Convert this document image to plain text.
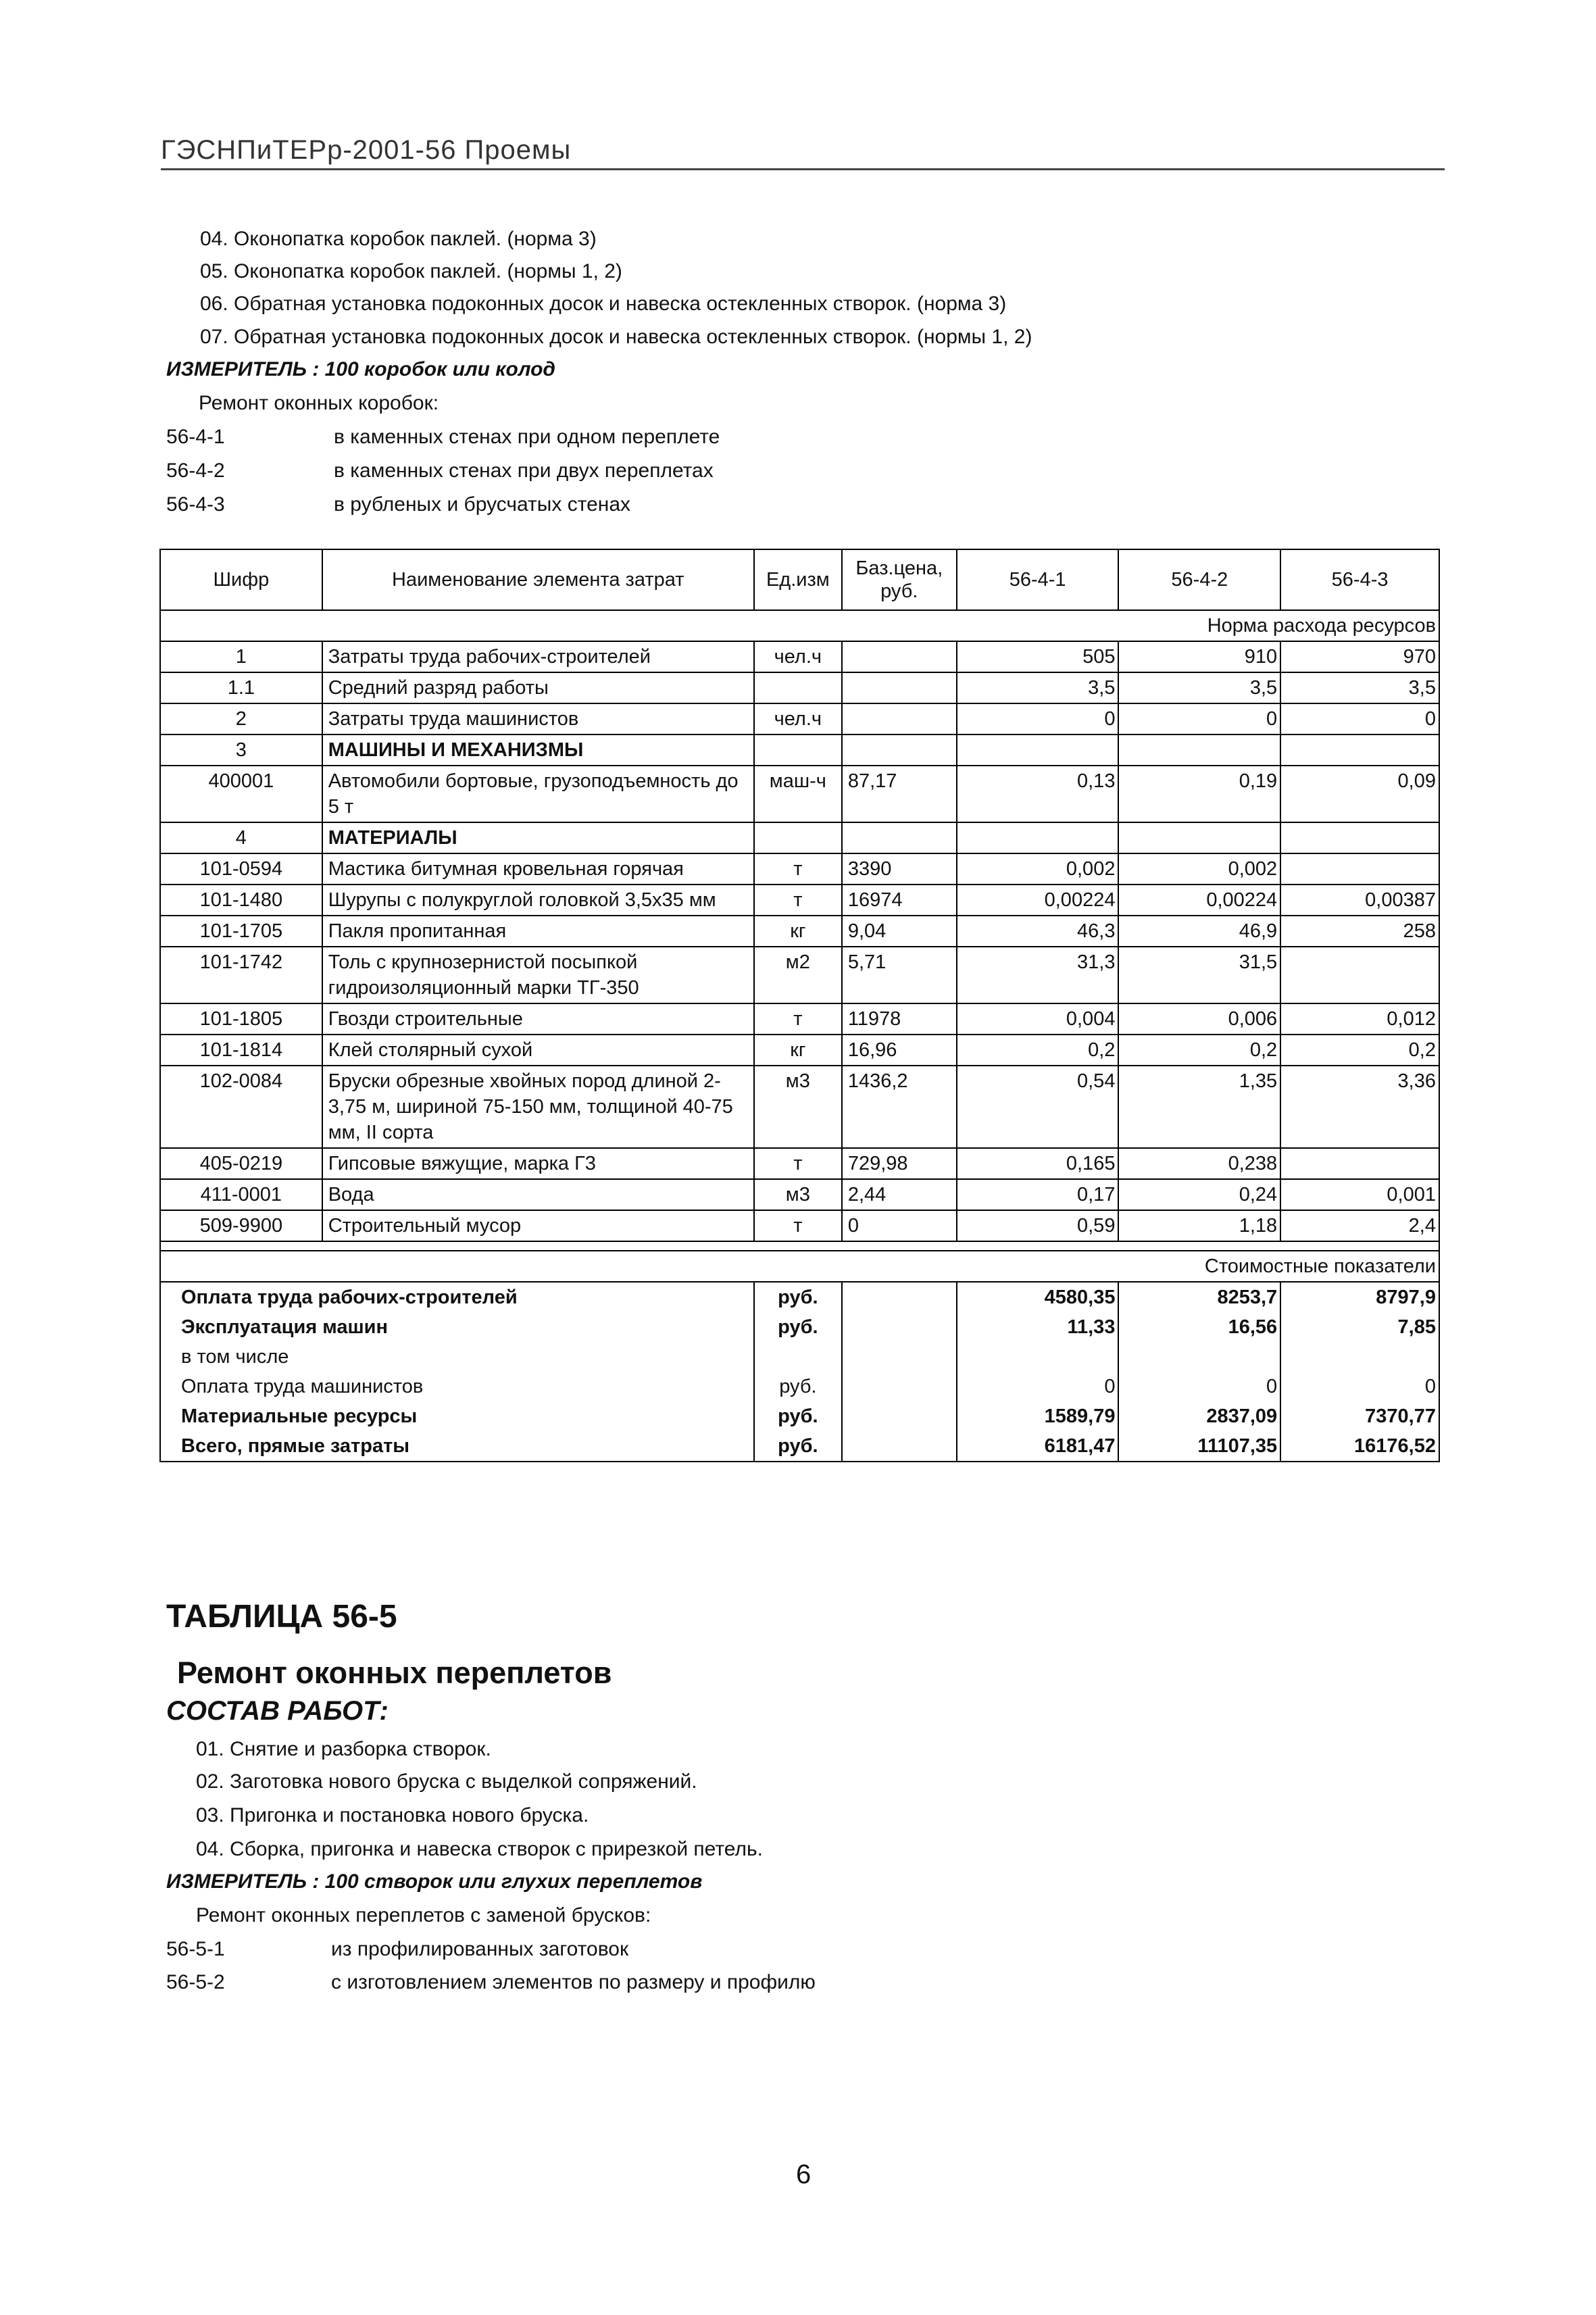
ГЭСНПиТЕРр-2001-56 Проемы
04. Оконопатка коробок паклей. (норма 3)
05. Оконопатка коробок паклей. (нормы 1, 2)
06. Обратная установка подоконных досок и навеска остекленных створок. (норма 3)
07. Обратная установка подоконных досок и навеска остекленных створок. (нормы 1, 2)
ИЗМЕРИТЕЛЬ : 100 коробок или колод
Ремонт оконных коробок:
56-4-1	в каменных стенах при одном переплете
56-4-2	в каменных стенах при двух переплетах
56-4-3	в рубленых и брусчатых стенах
Шифр	Наименование элемента затрат	Ед.изм	Баз.цена, руб.	56-4-1	56-4-2	56-4-3
Норма расхода ресурсов						
1	Затраты труда рабочих-строителей	чел.ч		505	910	970
1.1	Средний разряд работы			3,5	3,5	3,5
2	Затраты труда машинистов	чел.ч		0	0	0
3	МАШИНЫ И МЕХАНИЗМЫ					
400001	Автомобили бортовые, грузоподъемность до 5 т	маш-ч	87,17	0,13	0,19	0,09
4	МАТЕРИАЛЫ					
101-0594	Мастика битумная кровельная горячая	т	3390	0,002	0,002	
101-1480	Шурупы с полукруглой головкой 3,5х35 мм	т	16974	0,00224	0,00224	0,00387
101-1705	Пакля пропитанная	кг	9,04	46,3	46,9	258
101-1742	Толь с крупнозернистой посыпкой гидроизоляционный марки ТГ-350	м2	5,71	31,3	31,5	
101-1805	Гвозди строительные	т	11978	0,004	0,006	0,012
101-1814	Клей столярный сухой	кг	16,96	0,2	0,2	0,2
102-0084	Бруски обрезные хвойных пород длиной 2-3,75 м, шириной 75-150 мм, толщиной 40-75 мм, II сорта	м3	1436,2	0,54	1,35	3,36
405-0219	Гипсовые вяжущие, марка Г3	т	729,98	0,165	0,238	
411-0001	Вода	м3	2,44	0,17	0,24	0,001
509-9900	Строительный мусор	т	0	0,59	1,18	2,4

Стоимостные показатели						
Оплата труда рабочих-строителей		руб.		4580,35	8253,7	8797,9
Эксплуатация машин		руб.		11,33	16,56	7,85
в том числе						
Оплата труда машинистов		руб.		0	0	0
Материальные ресурсы		руб.		1589,79	2837,09	7370,77
Всего, прямые затраты		руб.		6181,47	11107,35	16176,52
ТАБЛИЦА 56-5
Ремонт оконных переплетов
СОСТАВ РАБОТ:
01. Снятие и разборка створок.
02. Заготовка нового бруска с выделкой сопряжений.
03. Пригонка и постановка нового бруска.
04. Сборка, пригонка и навеска створок с прирезкой петель.
ИЗМЕРИТЕЛЬ : 100 створок или глухих переплетов
Ремонт оконных переплетов с заменой брусков:
56-5-1	из профилированных заготовок
56-5-2	с изготовлением элементов по размеру и профилю
6
